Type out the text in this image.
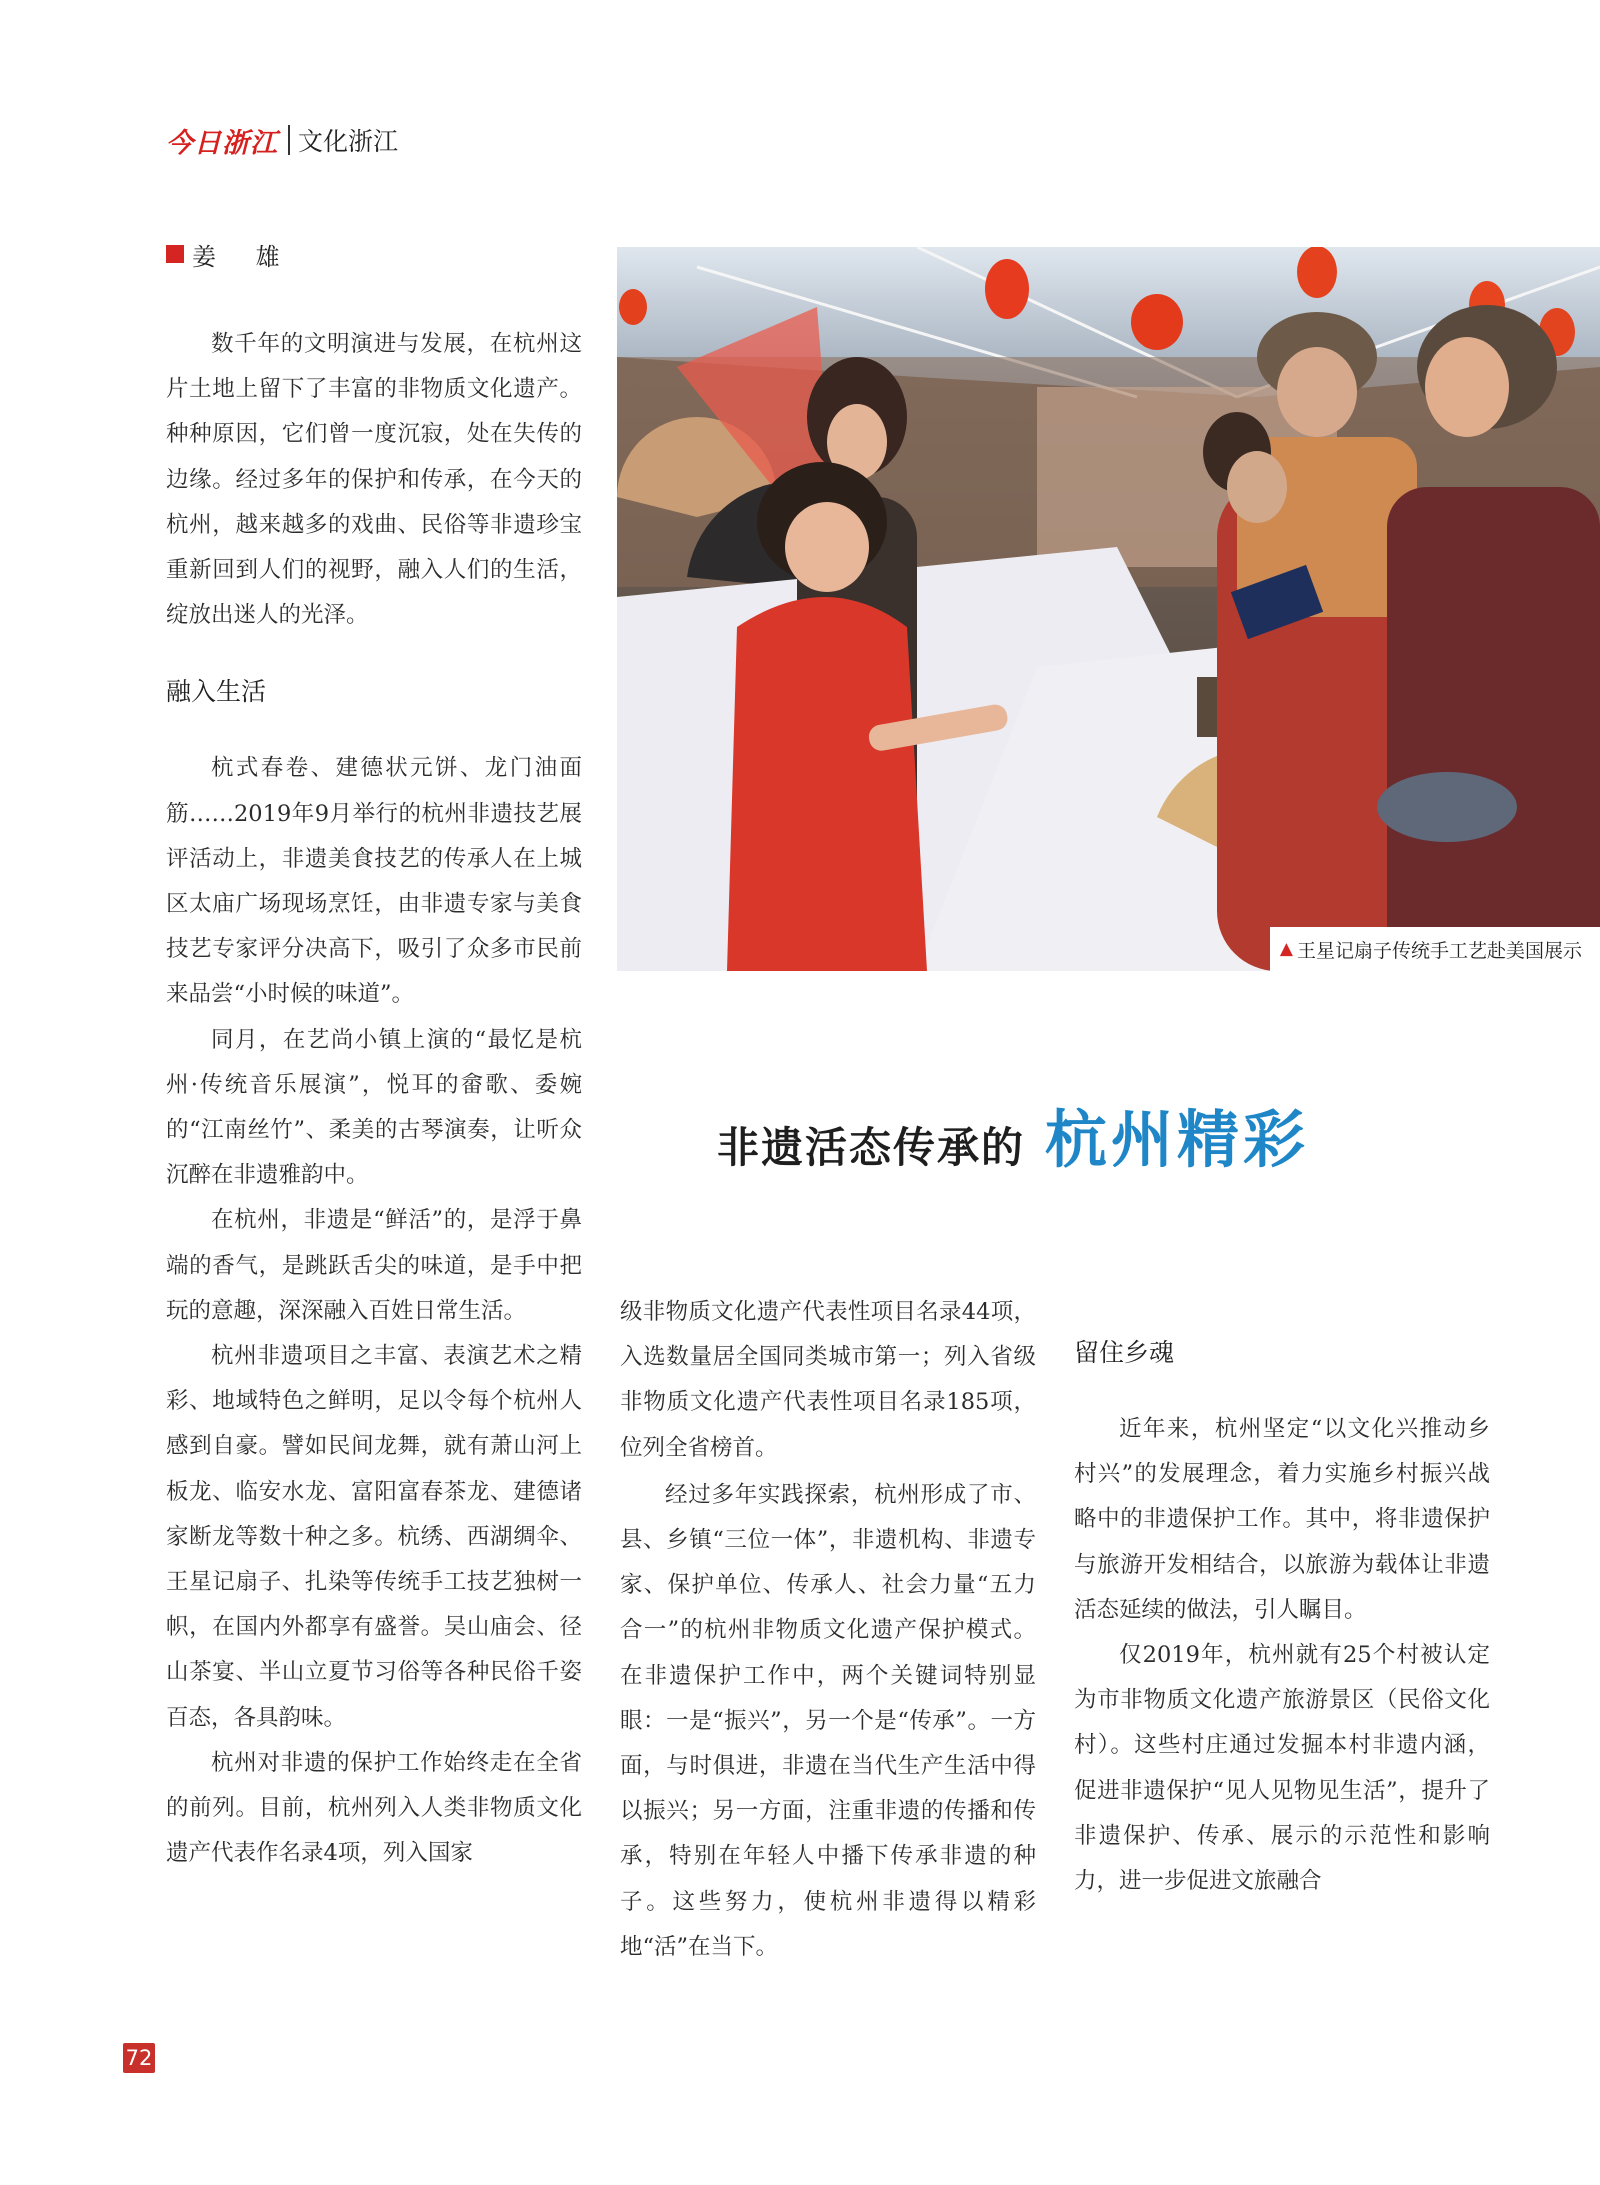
今日浙江 文化浙江
姜 雄

数千年的文明演进与发展，在杭州这片土地上留下了丰富的非物质文化遗产。种种原因，它们曾一度沉寂，处在失传的边缘。经过多年的保护和传承，在今天的杭州，越来越多的戏曲、民俗等非遗珍宝重新回到人们的视野，融入人们的生活，绽放出迷人的光泽。

融入生活

杭式春卷、建德状元饼、龙门油面筋……2019年9月举行的杭州非遗技艺展评活动上，非遗美食技艺的传承人在上城区太庙广场现场烹饪，由非遗专家与美食技艺专家评分决高下，吸引了众多市民前来品尝“小时候的味道”。

同月，在艺尚小镇上演的“最忆是杭州·传统音乐展演”，悦耳的畲歌、委婉的“江南丝竹”、柔美的古琴演奏，让听众沉醉在非遗雅韵中。

在杭州，非遗是“鲜活”的，是浮于鼻端的香气，是跳跃舌尖的味道，是手中把玩的意趣，深深融入百姓日常生活。

杭州非遗项目之丰富、表演艺术之精彩、地域特色之鲜明，足以令每个杭州人感到自豪。譬如民间龙舞，就有萧山河上板龙、临安水龙、富阳富春茶龙、建德诸家断龙等数十种之多。杭绣、西湖绸伞、王星记扇子、扎染等传统手工技艺独树一帜，在国内外都享有盛誉。吴山庙会、径山茶宴、半山立夏节习俗等各种民俗千姿百态，各具韵味。

杭州对非遗的保护工作始终走在全省的前列。目前，杭州列入人类非物质文化遗产代表作名录4项，列入国家

▲ 王星记扇子传统手工艺赴美国展示
非遗活态传承的 杭州精彩

级非物质文化遗产代表性项目名录44项，入选数量居全国同类城市第一；列入省级非物质文化遗产代表性项目名录185项，位列全省榜首。

经过多年实践探索，杭州形成了市、县、乡镇“三位一体”，非遗机构、非遗专家、保护单位、传承人、社会力量“五力合一”的杭州非物质文化遗产保护模式。在非遗保护工作中，两个关键词特别显眼：一是“振兴”，另一个是“传承”。一方面，与时俱进，非遗在当代生产生活中得以振兴；另一方面，注重非遗的传播和传承，特别在年轻人中播下传承非遗的种子。这些努力，使杭州非遗得以精彩地“活”在当下。

留住乡魂

近年来，杭州坚定“以文化兴推动乡村兴”的发展理念，着力实施乡村振兴战略中的非遗保护工作。其中，将非遗保护与旅游开发相结合，以旅游为载体让非遗活态延续的做法，引人瞩目。

仅2019年，杭州就有25个村被认定为市非物质文化遗产旅游景区（民俗文化村）。这些村庄通过发掘本村非遗内涵，促进非遗保护“见人见物见生活”，提升了非遗保护、传承、展示的示范性和影响力，进一步促进文旅融合

72
